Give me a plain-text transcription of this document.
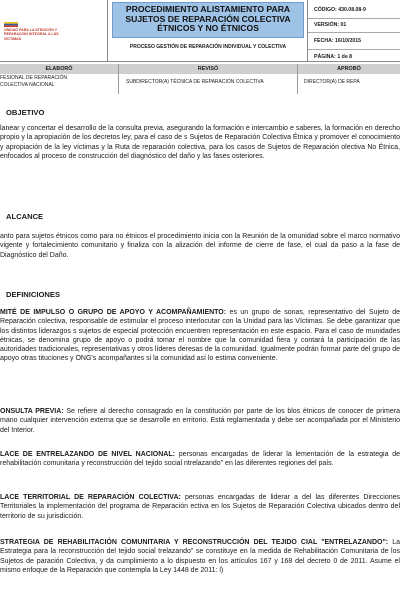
UNIDAD PARA LA ATENCIÓN Y REPARACIÓN INTEGRAL A LAS VÍCTIMAS
PROCEDIMIENTO ALISTAMIENTO PARA
SUJETOS DE REPARACIÓN COLECTIVA
ÉTNICOS Y NO ÉTNICOS
PROCESO GESTIÓN DE REPARACIÓN INDIVIDUAL Y COLECTIVA
CÓDIGO: 430.08.08-9
VERSIÓN: 01
FECHA: 16/10/2015
PÁGINA: 1 de 8
ELABORÓ	REVISÓ	APROBÓ
FESIONAL DE REPARACIÓN
COLECTIVA NACIONAL	SUBDIRECTOR(A) TÉCNICA DE REPARACIÓN COLECTIVA	DIRECTOR(A) DE REPA
OBJETIVO
lanear y concertar el desarrollo de la consulta previa, asegurando la formación e intercambio e saberes, la formación en derecho propio y la apropiación de los decretos ley, para el caso de s Sujetos de Reparación Colectiva Étnica y promover el conocimiento y apropiación de la ley víctimas y la Ruta de reparación colectiva, para los casos de Sujetos de Reparación olectiva No Étnica, enfocados al proceso de construcción del diagnóstico del daño y las fases osteriores.
ALCANCE
anto para sujetos étnicos como para no étnicos el procedimiento inicia con la Reunión de la omunidad sobre el marco normativo vigente y fortalecimiento comunitario y finaliza con la alización del informe de cierre de fase, el cual da paso a la fase de Diagnóstico del Daño.
DEFINICIONES
MITÉ DE IMPULSO O GRUPO DE APOYO Y ACOMPAÑAMIENTO: es un grupo de sonas, representativo del Sujeto de Reparación colectiva, responsable de estimular el proceso interlocutar con la Unidad para las Víctimas. Se debe garantizar que los distintos liderazgos s sujetos de especial protección encuentren representación en este espacio. Para el caso de munidades étnicas, se denomina grupo de apoyo o podrá tomar el nombre que la comunidad fiera y contará la participación de las autoridades tradicionales, representativas y otros líderes deresas de la comunidad. Igualmente podrán formar parte del grupo de apoyo otras tituciones y ONG's acompañantes si la comunidad así lo estima conveniente.
ONSULTA PREVIA: Se refiere al derecho consagrado en la constitución por parte de los blos étnicos de conocer de primera mano cualquier intervención externa que se desarrolle en erritorio. Está reglamentada y debe ser acompañada por el Ministerio del Interior.
LACE DE ENTRELAZANDO DE NIVEL NACIONAL: personas encargadas de liderar la lementación de la estrategia de rehabilitación comunitaria y reconstrucción del tejido social ntrelazando" en las diferentes regiones del país.
LACE TERRITORIAL DE REPARACIÓN COLECTIVA: personas encargadas de liderar a del las diferentes Direcciones Territoriales la implementación del programa de Reparación ectiva en los Sujetos de Reparación Colectiva ubicados dentro del territorio de su jurisdicción.
STRATEGIA DE REHABILITACIÓN COMUNITARIA Y RECONSTRUCCIÓN DEL TEJIDO CIAL "ENTRELAZANDO": La Estrategia para la reconstrucción del tejido social trelazando" se constituye en la medida de Rehabilitación Comunitaria de los Sujetos de paración Colectiva, y da cumplimiento a lo dispuesto en los artículos 167 y 168 del decreto 0 de 2011. Asume el mismo enfoque de la Reparación que contempla la Ley 1448 de 2011: l)
